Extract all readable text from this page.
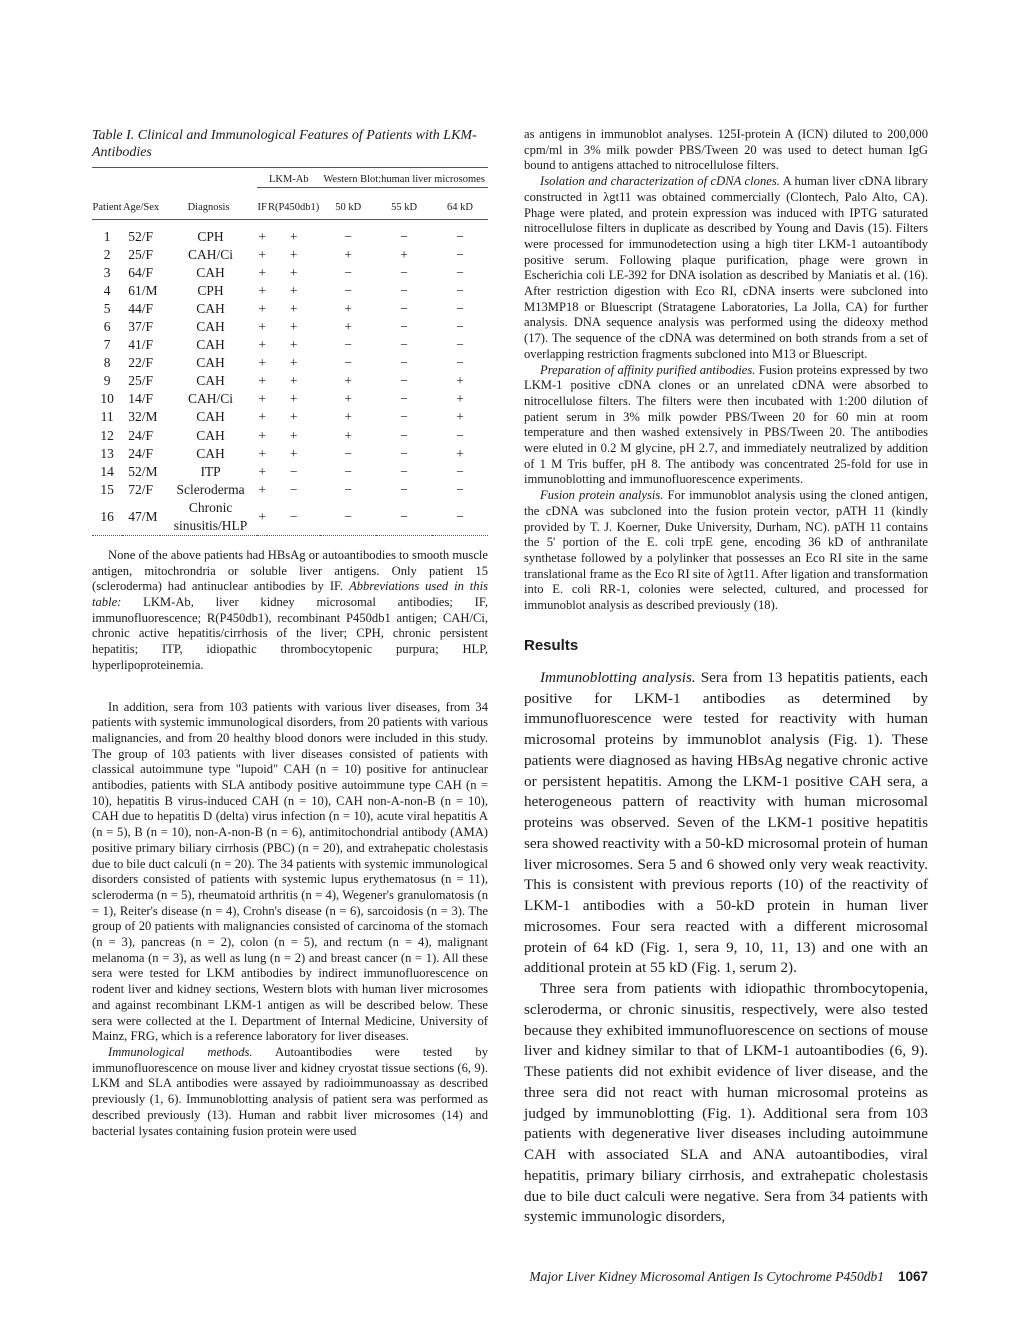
Table I. Clinical and Immunological Features of Patients with LKM-Antibodies
			LKM-Ab		Western Blot:human liver microsomes		
Patient	Age/Sex	Diagnosis	IF	R(P450db1)	50 kD	55 kD	64 kD

1	52/F	CPH	+	+	−	−	−
2	25/F	CAH/Ci	+	+	+	+	−
3	64/F	CAH	+	+	−	−	−
4	61/M	CPH	+	+	−	−	−
5	44/F	CAH	+	+	+	−	−
6	37/F	CAH	+	+	+	−	−
7	41/F	CAH	+	+	−	−	−
8	22/F	CAH	+	+	−	−	−
9	25/F	CAH	+	+	+	−	+
10	14/F	CAH/Ci	+	+	+	−	+
11	32/M	CAH	+	+	+	−	+
12	24/F	CAH	+	+	+	−	−
13	24/F	CAH	+	+	−	−	+
14	52/M	ITP	+	−	−	−	−
15	72/F	Scleroderma	+	−	−	−	−
16	47/M	Chronic sinusitis/HLP	+	−	−	−	−

None of the above patients had HBsAg or autoantibodies to smooth muscle antigen, mitochrondria or soluble liver antigens. Only patient 15 (scleroderma) had antinuclear antibodies by IF. Abbreviations used in this table: LKM-Ab, liver kidney microsomal antibodies; IF, immunofluorescence; R(P450db1), recombinant P450db1 antigen; CAH/Ci, chronic active hepatitis/cirrhosis of the liver; CPH, chronic persistent hepatitis; ITP, idiopathic thrombocytopenic purpura; HLP, hyperlipoproteinemia.

In addition, sera from 103 patients with various liver diseases, from 34 patients with systemic immunological disorders, from 20 patients with various malignancies, and from 20 healthy blood donors were included in this study. The group of 103 patients with liver diseases consisted of patients with classical autoimmune type "lupoid" CAH (n = 10) positive for antinuclear antibodies, patients with SLA antibody positive autoimmune type CAH (n = 10), hepatitis B virus-induced CAH (n = 10), CAH non-A-non-B (n = 10), CAH due to hepatitis D (delta) virus infection (n = 10), acute viral hepatitis A (n = 5), B (n = 10), non-A-non-B (n = 6), antimitochondrial antibody (AMA) positive primary biliary cirrhosis (PBC) (n = 20), and extrahepatic cholestasis due to bile duct calculi (n = 20). The 34 patients with systemic immunological disorders consisted of patients with systemic lupus erythematosus (n = 11), scleroderma (n = 5), rheumatoid arthritis (n = 4), Wegener's granulomatosis (n = 1), Reiter's disease (n = 4), Crohn's disease (n = 6), sarcoidosis (n = 3). The group of 20 patients with malignancies consisted of carcinoma of the stomach (n = 3), pancreas (n = 2), colon (n = 5), and rectum (n = 4), malignant melanoma (n = 3), as well as lung (n = 2) and breast cancer (n = 1). All these sera were tested for LKM antibodies by indirect immunofluorescence on rodent liver and kidney sections, Western blots with human liver microsomes and against recombinant LKM-1 antigen as will be described below. These sera were collected at the I. Department of Internal Medicine, University of Mainz, FRG, which is a reference laboratory for liver diseases.

Immunological methods. Autoantibodies were tested by immunofluorescence on mouse liver and kidney cryostat tissue sections (6, 9). LKM and SLA antibodies were assayed by radioimmunoassay as described previously (1, 6). Immunoblotting analysis of patient sera was performed as described previously (13). Human and rabbit liver microsomes (14) and bacterial lysates containing fusion protein were used

as antigens in immunoblot analyses. 125I-protein A (ICN) diluted to 200,000 cpm/ml in 3% milk powder PBS/Tween 20 was used to detect human IgG bound to antigens attached to nitrocellulose filters.

Isolation and characterization of cDNA clones. A human liver cDNA library constructed in λgt11 was obtained commercially (Clontech, Palo Alto, CA). Phage were plated, and protein expression was induced with IPTG saturated nitrocellulose filters in duplicate as described by Young and Davis (15). Filters were processed for immunodetection using a high titer LKM-1 autoantibody positive serum. Following plaque purification, phage were grown in Escherichia coli LE-392 for DNA isolation as described by Maniatis et al. (16). After restriction digestion with Eco RI, cDNA inserts were subcloned into M13MP18 or Bluescript (Stratagene Laboratories, La Jolla, CA) for further analysis. DNA sequence analysis was performed using the dideoxy method (17). The sequence of the cDNA was determined on both strands from a set of overlapping restriction fragments subcloned into M13 or Bluescript.

Preparation of affinity purified antibodies. Fusion proteins expressed by two LKM-1 positive cDNA clones or an unrelated cDNA were absorbed to nitrocellulose filters. The filters were then incubated with 1:200 dilution of patient serum in 3% milk powder PBS/Tween 20 for 60 min at room temperature and then washed extensively in PBS/Tween 20. The antibodies were eluted in 0.2 M glycine, pH 2.7, and immediately neutralized by addition of 1 M Tris buffer, pH 8. The antibody was concentrated 25-fold for use in immunoblotting and immunofluorescence experiments.

Fusion protein analysis. For immunoblot analysis using the cloned antigen, the cDNA was subcloned into the fusion protein vector, pATH 11 (kindly provided by T. J. Koerner, Duke University, Durham, NC). pATH 11 contains the 5' portion of the E. coli trpE gene, encoding 36 kD of anthranilate synthetase followed by a polylinker that possesses an Eco RI site in the same translational frame as the Eco RI site of λgt11. After ligation and transformation into E. coli RR-1, colonies were selected, cultured, and processed for immunoblot analysis as described previously (18).

Results

Immunoblotting analysis. Sera from 13 hepatitis patients, each positive for LKM-1 antibodies as determined by immunofluorescence were tested for reactivity with human microsomal proteins by immunoblot analysis (Fig. 1). These patients were diagnosed as having HBsAg negative chronic active or persistent hepatitis. Among the LKM-1 positive CAH sera, a heterogeneous pattern of reactivity with human microsomal proteins was observed. Seven of the LKM-1 positive hepatitis sera showed reactivity with a 50-kD microsomal protein of human liver microsomes. Sera 5 and 6 showed only very weak reactivity. This is consistent with previous reports (10) of the reactivity of LKM-1 antibodies with a 50-kD protein in human liver microsomes. Four sera reacted with a different microsomal protein of 64 kD (Fig. 1, sera 9, 10, 11, 13) and one with an additional protein at 55 kD (Fig. 1, serum 2).

Three sera from patients with idiopathic thrombocytopenia, scleroderma, or chronic sinusitis, respectively, were also tested because they exhibited immunofluorescence on sections of mouse liver and kidney similar to that of LKM-1 autoantibodies (6, 9). These patients did not exhibit evidence of liver disease, and the three sera did not react with human microsomal proteins as judged by immunoblotting (Fig. 1). Additional sera from 103 patients with degenerative liver diseases including autoimmune CAH with associated SLA and ANA autoantibodies, viral hepatitis, primary biliary cirrhosis, and extrahepatic cholestasis due to bile duct calculi were negative. Sera from 34 patients with systemic immunologic disorders,

Major Liver Kidney Microsomal Antigen Is Cytochrome P450db1 1067
